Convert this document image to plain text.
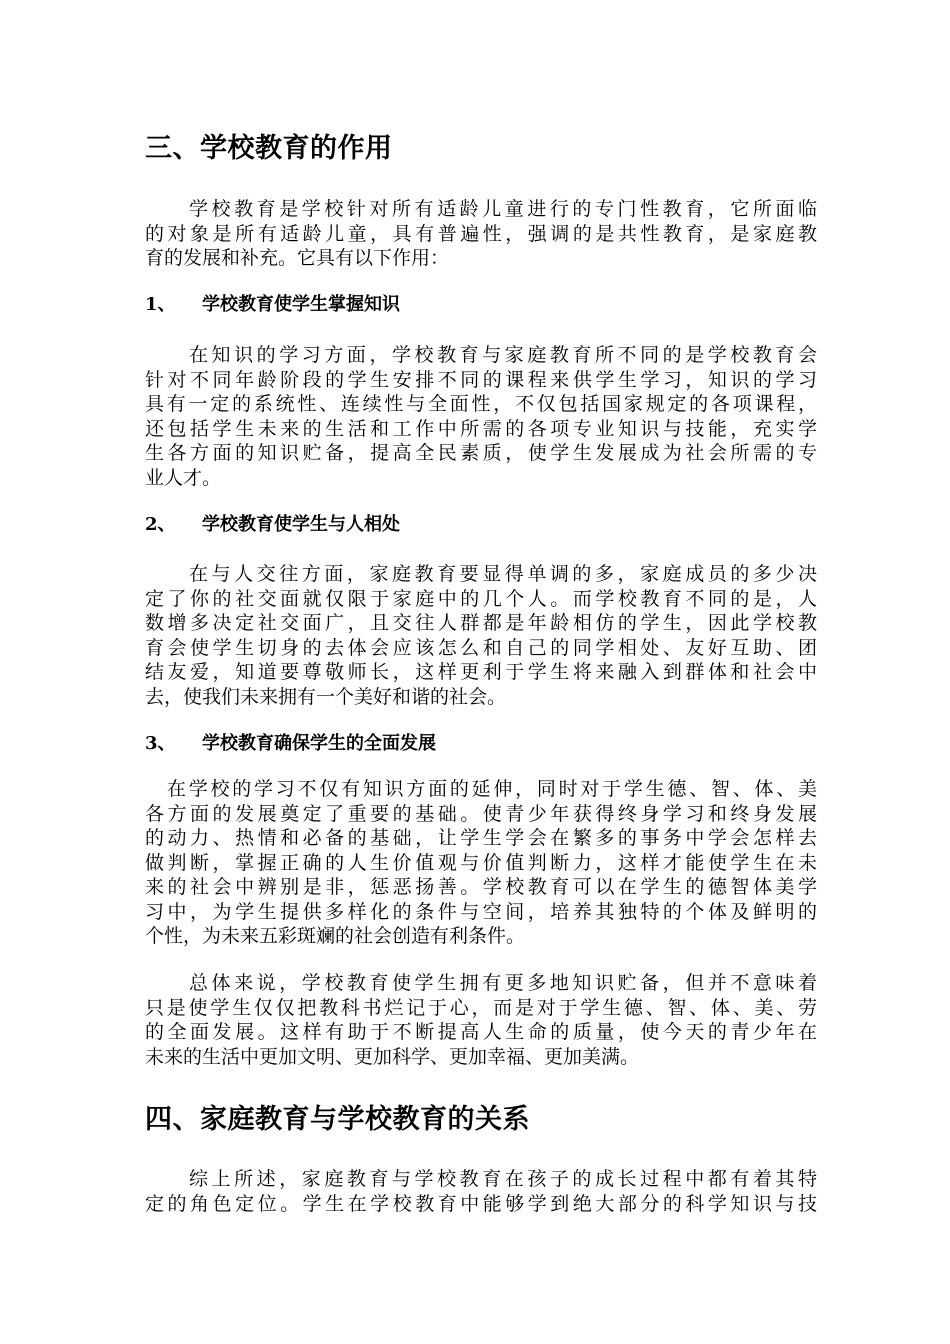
三、学校教育的作用
学校教育是学校针对所有适龄儿童进行的专门性教育，它所面临
的对象是所有适龄儿童，具有普遍性，强调的是共性教育，是家庭教
育的发展和补充。它具有以下作用：
1、 学校教育使学生掌握知识
在知识的学习方面，学校教育与家庭教育所不同的是学校教育会
针对不同年龄阶段的学生安排不同的课程来供学生学习，知识的学习
具有一定的系统性、连续性与全面性，不仅包括国家规定的各项课程，
还包括学生未来的生活和工作中所需的各项专业知识与技能，充实学
生各方面的知识贮备，提高全民素质，使学生发展成为社会所需的专
业人才。
2、 学校教育使学生与人相处
在与人交往方面，家庭教育要显得单调的多，家庭成员的多少决
定了你的社交面就仅限于家庭中的几个人。而学校教育不同的是，人
数增多决定社交面广，且交往人群都是年龄相仿的学生，因此学校教
育会使学生切身的去体会应该怎么和自己的同学相处、友好互助、团
结友爱，知道要尊敬师长，这样更利于学生将来融入到群体和社会中
去，使我们未来拥有一个美好和谐的社会。
3、 学校教育确保学生的全面发展
在学校的学习不仅有知识方面的延伸，同时对于学生德、智、体、美
各方面的发展奠定了重要的基础。使青少年获得终身学习和终身发展
的动力、热情和必备的基础，让学生学会在繁多的事务中学会怎样去
做判断，掌握正确的人生价值观与价值判断力，这样才能使学生在未
来的社会中辨别是非，惩恶扬善。学校教育可以在学生的德智体美学
习中，为学生提供多样化的条件与空间，培养其独特的个体及鲜明的
个性，为未来五彩斑斓的社会创造有利条件。
总体来说，学校教育使学生拥有更多地知识贮备，但并不意味着
只是使学生仅仅把教科书烂记于心，而是对于学生德、智、体、美、劳
的全面发展。这样有助于不断提高人生命的质量，使今天的青少年在
未来的生活中更加文明、更加科学、更加幸福、更加美满。
四、家庭教育与学校教育的关系
综上所述，家庭教育与学校教育在孩子的成长过程中都有着其特
定的角色定位。学生在学校教育中能够学到绝大部分的科学知识与技
